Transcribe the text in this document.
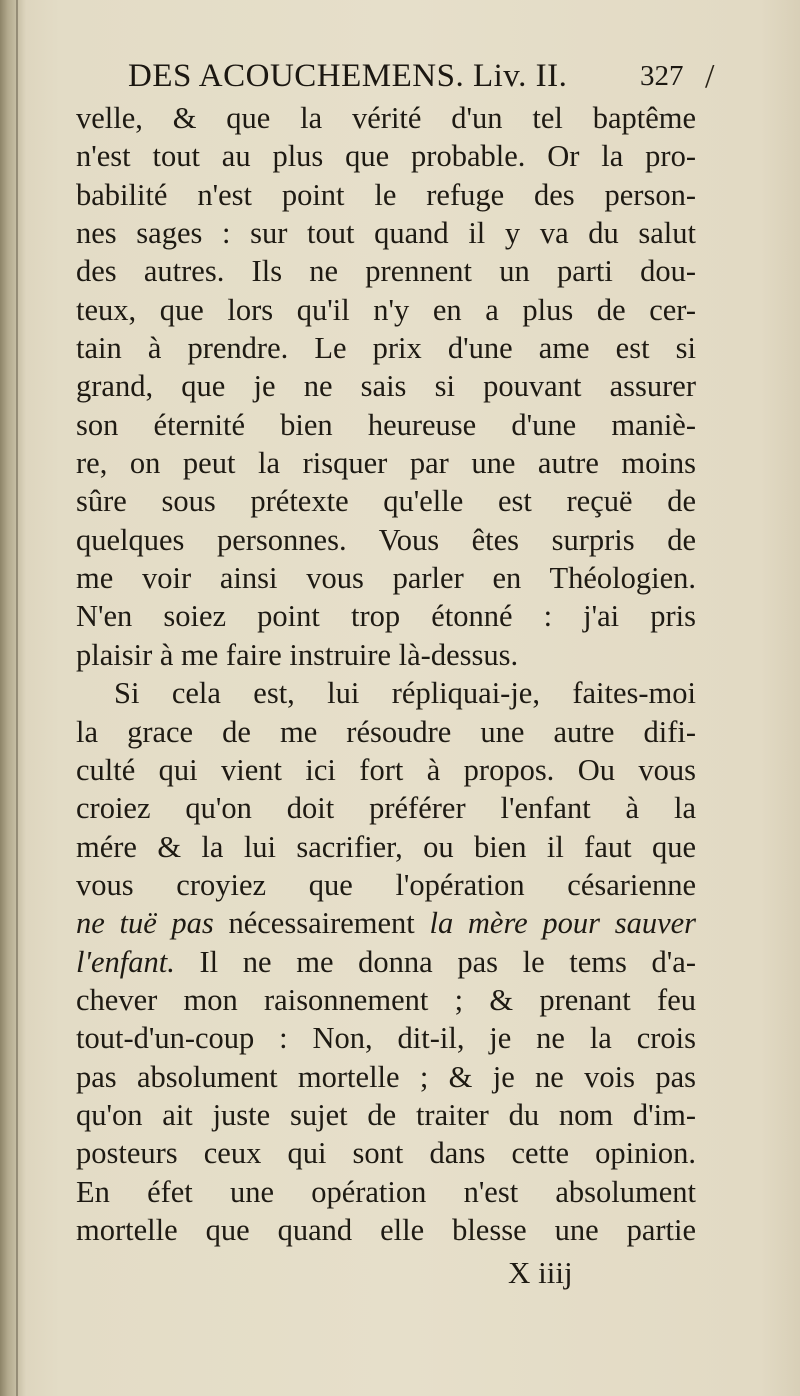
DES ACOUCHEMENS. Liv. II.	327 /
velle, & que la vérité d'un tel baptême
n'est tout au plus que probable. Or la pro-
babilité n'est point le refuge des person-
nes sages : sur tout quand il y va du salut
des autres. Ils ne prennent un parti dou-
teux, que lors qu'il n'y en a plus de cer-
tain à prendre. Le prix d'une ame est si
grand, que je ne sais si pouvant assurer
son éternité bien heureuse d'une maniè-
re, on peut la risquer par une autre moins
sûre sous prétexte qu'elle est reçuë de
quelques personnes. Vous êtes surpris de
me voir ainsi vous parler en Théologien.
N'en soiez point trop étonné : j'ai pris
plaisir à me faire instruire là-dessus.
Si cela est, lui répliquai-je, faites-moi
la grace de me résoudre une autre difi-
culté qui vient ici fort à propos. Ou vous
croiez qu'on doit préférer l'enfant à la
mére & la lui sacrifier, ou bien il faut que
vous croyiez que l'opération césarienne
ne tuë pas nécessairement la mère pour sauver
l'enfant. Il ne me donna pas le tems d'a-
chever mon raisonnement ; & prenant feu
tout-d'un-coup : Non, dit-il, je ne la crois
pas absolument mortelle ; & je ne vois pas
qu'on ait juste sujet de traiter du nom d'im-
posteurs ceux qui sont dans cette opinion.
En éfet une opération n'est absolument
mortelle que quand elle blesse une partie
X iiij
